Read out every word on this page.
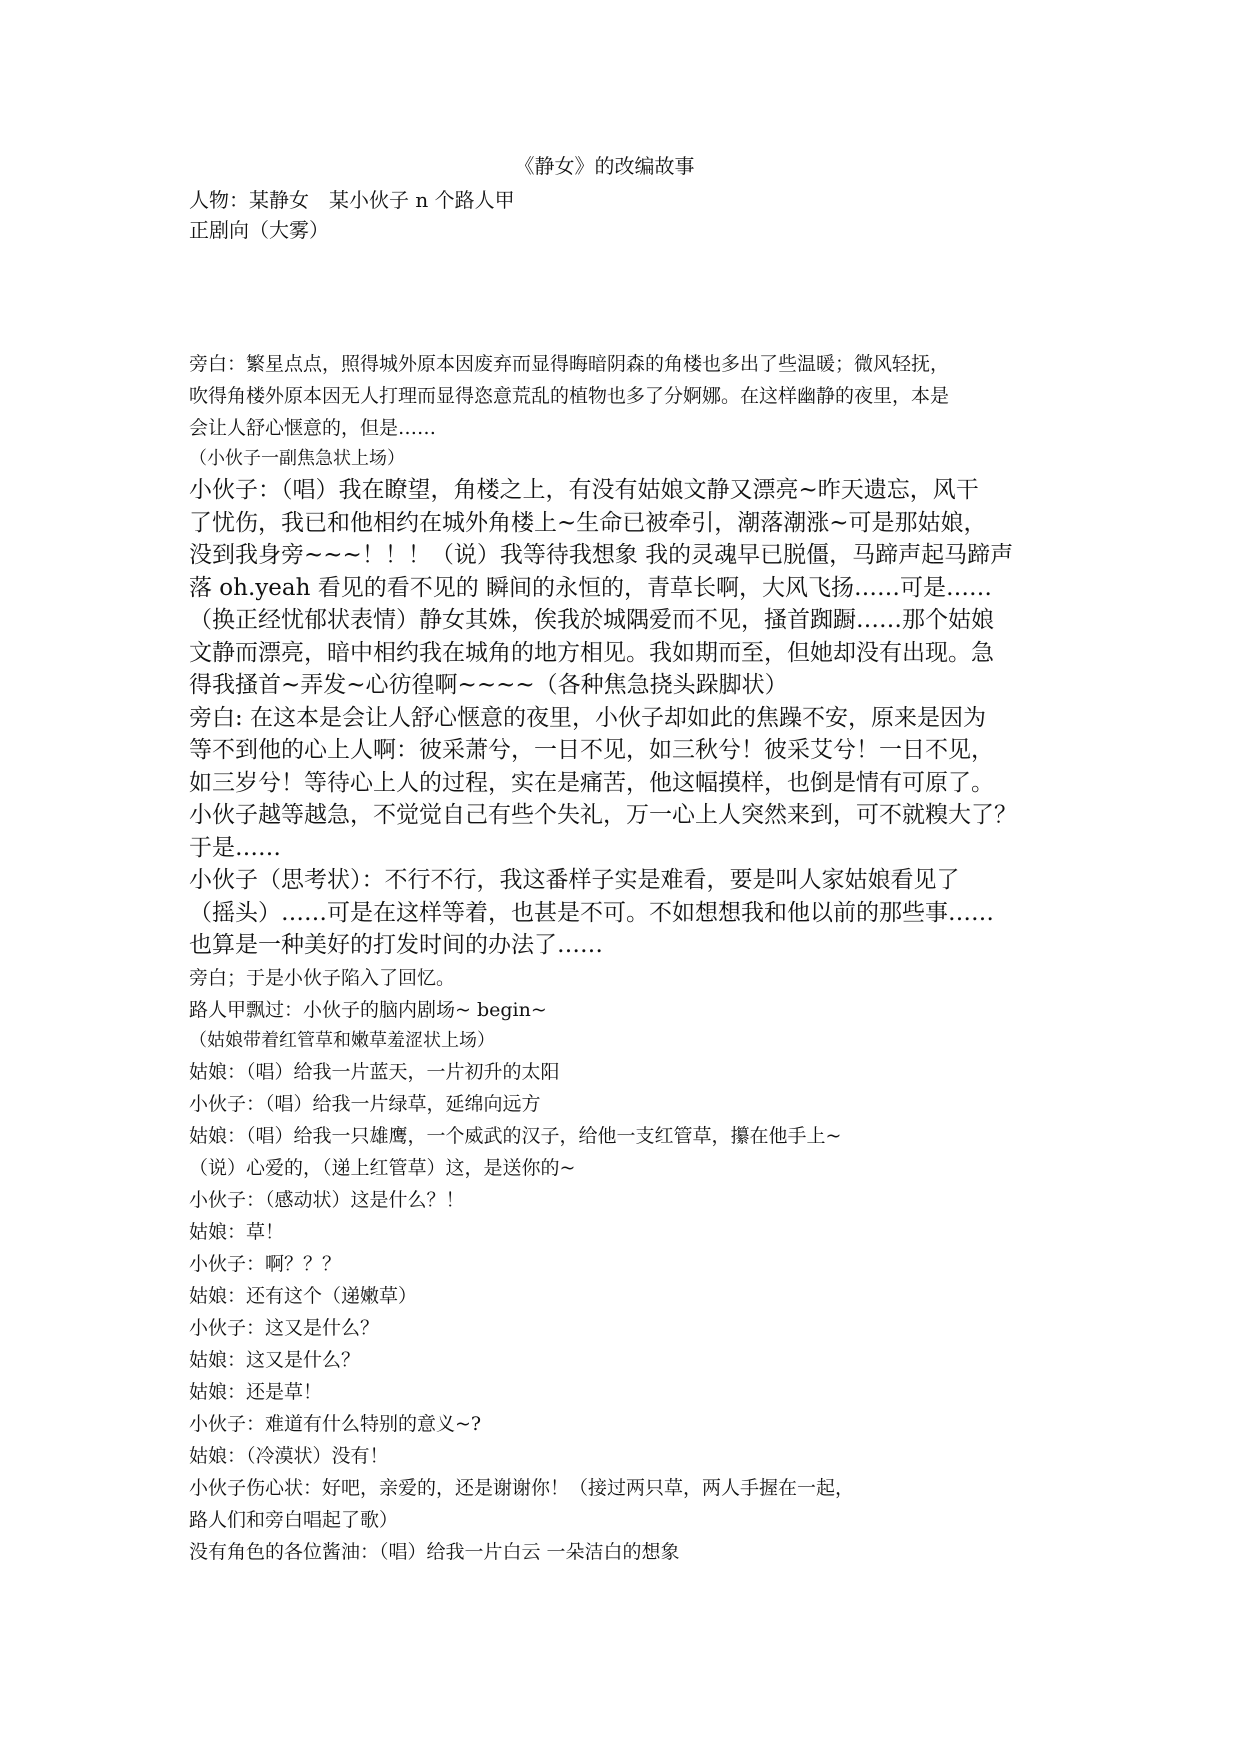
《静女》的改编故事
人物：某静女　某小伙子 n 个路人甲
正剧向（大雾）

旁白：繁星点点，照得城外原本因废弃而显得晦暗阴森的角楼也多出了些温暖；微风轻抚，

吹得角楼外原本因无人打理而显得恣意荒乱的植物也多了分婀娜。在这样幽静的夜里，本是

会让人舒心惬意的，但是……

（小伙子一副焦急状上场）

小伙子：（唱）我在瞭望，角楼之上，有没有姑娘文静又漂亮~昨天遗忘，风干

了忧伤，我已和他相约在城外角楼上~生命已被牵引，潮落潮涨~可是那姑娘，

没到我身旁~~~！！！（说）我等待我想象 我的灵魂早已脱僵，马蹄声起马蹄声

落 oh.yeah 看见的看不见的 瞬间的永恒的，青草长啊，大风飞扬……可是……

（换正经忧郁状表情）静女其姝，俟我於城隅爱而不见，搔首踟蹰……那个姑娘

文静而漂亮，暗中相约我在城角的地方相见。我如期而至，但她却没有出现。急

得我搔首~弄发~心彷徨啊~~~~（各种焦急挠头跺脚状）

旁白: 在这本是会让人舒心惬意的夜里，小伙子却如此的焦躁不安，原来是因为

等不到他的心上人啊：彼采萧兮，一日不见，如三秋兮！彼采艾兮！一日不见，

如三岁兮！等待心上人的过程，实在是痛苦，他这幅摸样，也倒是情有可原了。

小伙子越等越急，不觉觉自己有些个失礼，万一心上人突然来到，可不就糗大了？

于是……

小伙子（思考状）：不行不行，我这番样子实是难看，要是叫人家姑娘看见了

（摇头）……可是在这样等着，也甚是不可。不如想想我和他以前的那些事……

也算是一种美好的打发时间的办法了……

旁白；于是小伙子陷入了回忆。

路人甲飘过：小伙子的脑内剧场~ begin~

（姑娘带着红管草和嫩草羞涩状上场）

姑娘：（唱）给我一片蓝天，一片初升的太阳

小伙子：（唱）给我一片绿草，延绵向远方

姑娘：（唱）给我一只雄鹰，一个威武的汉子，给他一支红管草，攥在他手上~

（说）心爱的，（递上红管草）这，是送你的~

小伙子：（感动状）这是什么？！

姑娘：草！

小伙子：啊？？？

姑娘：还有这个（递嫩草）

小伙子：这又是什么？

姑娘：这又是什么？

姑娘：还是草！

小伙子：难道有什么特别的意义~?

姑娘：（冷漠状）没有！

小伙子伤心状：好吧，亲爱的，还是谢谢你！（接过两只草，两人手握在一起，

路人们和旁白唱起了歌）

没有角色的各位酱油：（唱）给我一片白云 一朵洁白的想象
